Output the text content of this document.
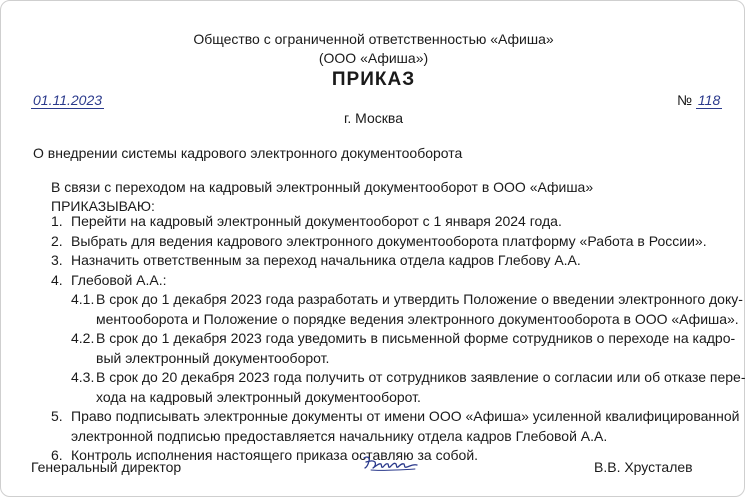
Общество с ограниченной ответственностью «Афиша»
(ООО «Афиша»)
ПРИКАЗ
01.11.2023	№ 118
г. Москва
О внедрении системы кадрового электронного документооборота
В связи с переходом на кадровый электронный документооборот в ООО «Афиша»
ПРИКАЗЫВАЮ:
1. Перейти на кадровый электронный документооборот с 1 января 2024 года.
2. Выбрать для ведения кадрового электронного документооборота платформу «Работа в России».
3. Назначить ответственным за переход начальника отдела кадров Глебову А.А.
4. Глебовой А.А.:
4.1. В срок до 1 декабря 2023 года разработать и утвердить Положение о введении электронного доку-
ментооборота и Положение о порядке ведения электронного документооборота в ООО «Афиша».
4.2. В срок до 1 декабря 2023 года уведомить в письменной форме сотрудников о переходе на кадро-
вый электронный документооборот.
4.3. В срок до 20 декабря 2023 года получить от сотрудников заявление о согласии или об отказе пере-
хода на кадровый электронный документооборот.
5. Право подписывать электронные документы от имени ООО «Афиша» усиленной квалифицированной
электронной подписью предоставляется начальнику отдела кадров Глебовой А.А.
6. Контроль исполнения настоящего приказа оставляю за собой.
Генеральный директор	В.В. Хрусталев
